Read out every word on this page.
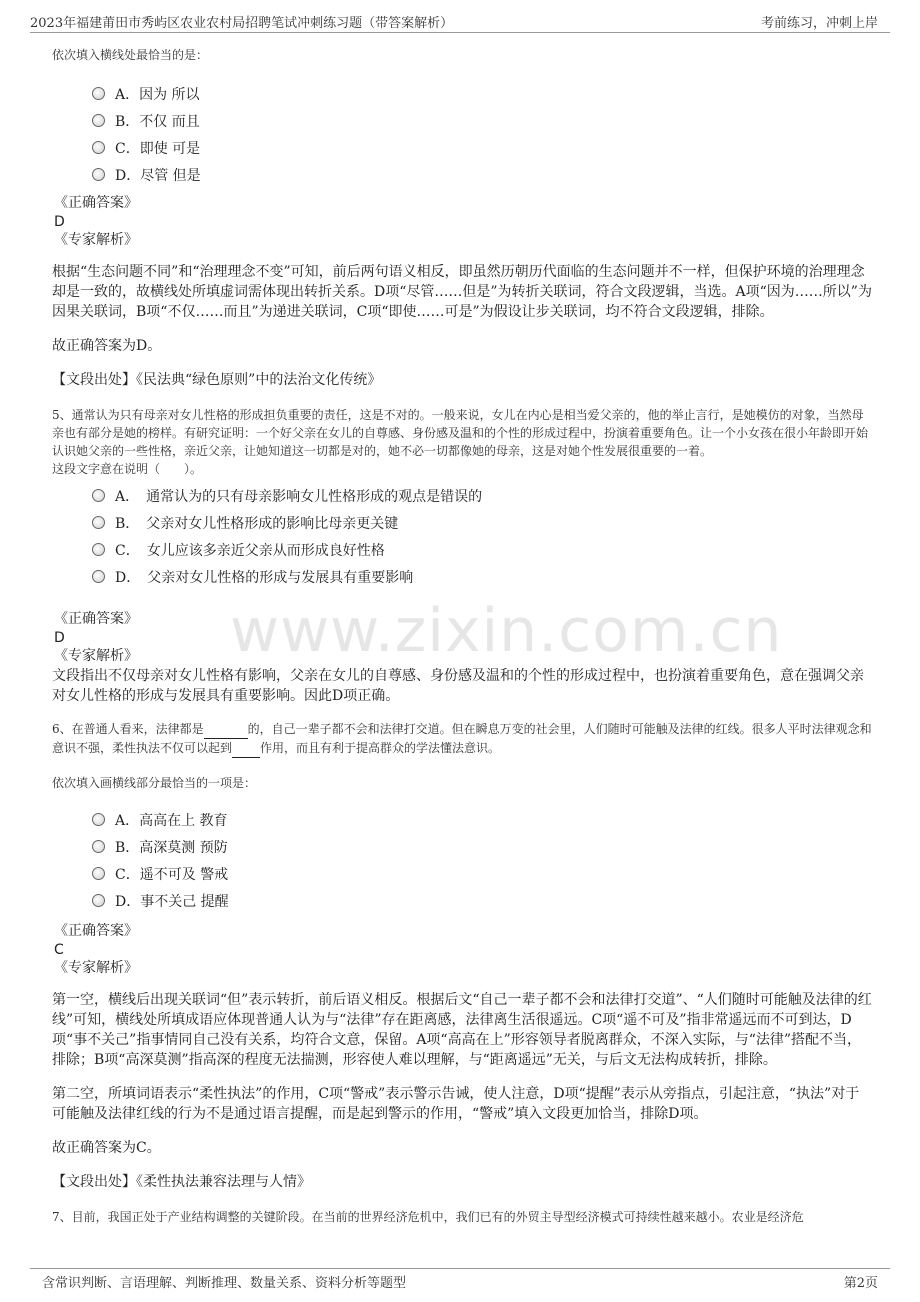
2023年福建莆田市秀屿区农业农村局招聘笔试冲刺练习题（带答案解析）	考前练习，冲刺上岸
www.zixin.com.cn
依次填入横线处最恰当的是：
A．因为 所以
B．不仅 而且
C．即使 可是
D．尽管 但是
《正确答案》
D
《专家解析》
根据“生态问题不同”和“治理理念不变”可知，前后两句语义相反，即虽然历朝历代面临的生态问题并不一样，但保护环境的治理理念却是一致的，故横线处所填虚词需体现出转折关系。D项“尽管……但是”为转折关联词，符合文段逻辑，当选。A项“因为……所以”为因果关联词，B项“不仅……而且”为递进关联词，C项“即使……可是”为假设让步关联词，均不符合文段逻辑，排除。
故正确答案为D。
【文段出处】《民法典“绿色原则”中的法治文化传统》
5、通常认为只有母亲对女儿性格的形成担负重要的责任，这是不对的。一般来说，女儿在内心是相当爱父亲的，他的举止言行，是她模仿的对象，当然母亲也有部分是她的榜样。有研究证明：一个好父亲在女儿的自尊感、身份感及温和的个性的形成过程中，扮演着重要角色。让一个小女孩在很小年龄即开始认识她父亲的一些性格，亲近父亲，让她知道这一切都是对的，她不必一切都像她的母亲，这是对她个性发展很重要的一着。
这段文字意在说明（　　）。
A．　通常认为的只有母亲影响女儿性格形成的观点是错误的
B．　父亲对女儿性格形成的影响比母亲更关键
C．　女儿应该多亲近父亲从而形成良好性格
D．　父亲对女儿性格的形成与发展具有重要影响
《正确答案》
D
《专家解析》
文段指出不仅母亲对女儿性格有影响，父亲在女儿的自尊感、身份感及温和的个性的形成过程中，也扮演着重要角色，意在强调父亲对女儿性格的形成与发展具有重要影响。因此D项正确。
6、在普通人看来，法律都是	的，自己一辈子都不会和法律打交道。但在瞬息万变的社会里，人们随时可能触及法律的红线。很多人平时法律观念和意识不强，柔性执法不仅可以起到 作用，而且有利于提高群众的学法懂法意识。
依次填入画横线部分最恰当的一项是：
A．高高在上 教育
B．高深莫测 预防
C．遥不可及 警戒
D．事不关己 提醒
《正确答案》
C
《专家解析》
第一空，横线后出现关联词“但”表示转折，前后语义相反。根据后文“自己一辈子都不会和法律打交道”、“人们随时可能触及法律的红线”可知，横线处所填成语应体现普通人认为与“法律”存在距离感，法律离生活很遥远。C项“遥不可及”指非常遥远而不可到达，D项“事不关己”指事情同自己没有关系，均符合文意，保留。A项“高高在上”形容领导者脱离群众，不深入实际，与“法律”搭配不当，排除；B项“高深莫测”指高深的程度无法揣测，形容使人难以理解，与“距离遥远”无关，与后文无法构成转折，排除。
第二空，所填词语表示“柔性执法”的作用，C项“警戒”表示警示告诫，使人注意，D项“提醒”表示从旁指点，引起注意，“执法”对于可能触及法律红线的行为不是通过语言提醒，而是起到警示的作用，“警戒”填入文段更加恰当，排除D项。
故正确答案为C。
【文段出处】《柔性执法兼容法理与人情》
7、目前，我国正处于产业结构调整的关键阶段。在当前的世界经济危机中，我们已有的外贸主导型经济模式可持续性越来越小。农业是经济危
含常识判断、言语理解、判断推理、数量关系、资料分析等题型	第2页
